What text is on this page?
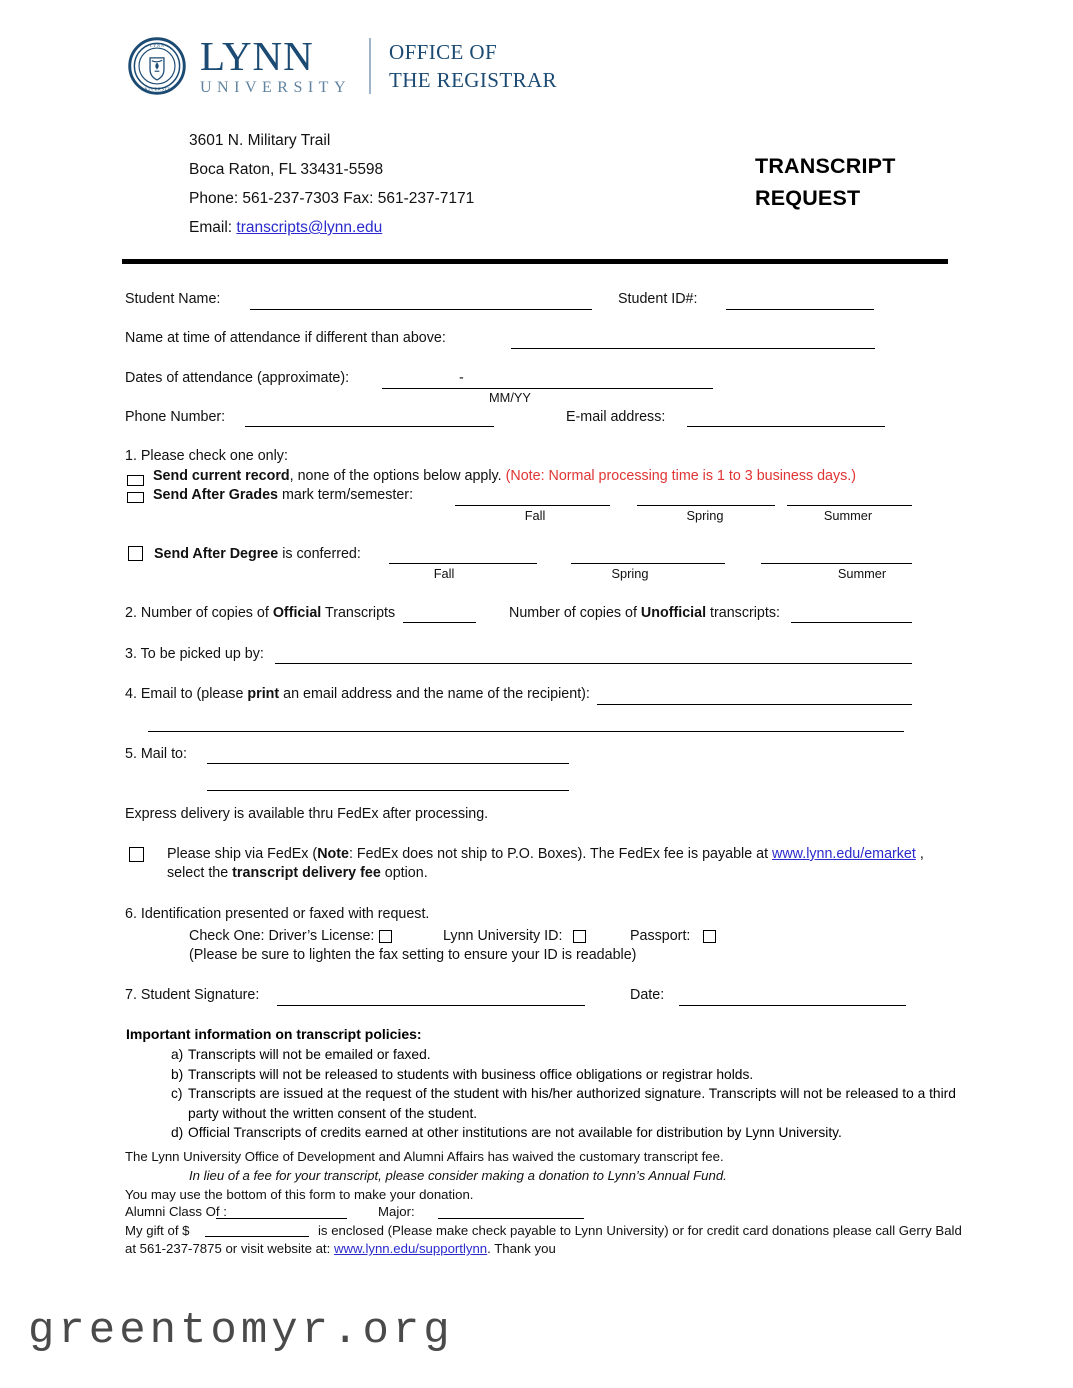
L Y N N
U N I V E R S I T Y
LYNN
UNIVERSITY
OFFICE OF
THE REGISTRAR
3601 N. Military Trail
Boca Raton, FL 33431-5598
Phone: 561-237-7303 Fax: 561-237-7171
Email: transcripts@lynn.edu
TRANSCRIPT
REQUEST
Student Name:	Student ID#:
Name at time of attendance if different than above:
Dates of attendance (approximate):	-
MM/YY
Phone Number:	E-mail address:
1. Please check one only:
Send current record, none of the options below apply. (Note: Normal processing time is 1 to 3 business days.)
Send After Grades mark term/semester:
Fall	Spring	Summer
Send After Degree is conferred:
Fall	Spring	Summer
2. Number of copies of Official Transcripts	Number of copies of Unofficial transcripts:
3. To be picked up by:
4. Email to (please print an email address and the name of the recipient):
5. Mail to:
Express delivery is available thru FedEx after processing.
Please ship via FedEx (Note: FedEx does not ship to P.O. Boxes). The FedEx fee is payable at www.lynn.edu/emarket ,
select the transcript delivery fee option.
6. Identification presented or faxed with request.
Check One: Driver’s License:	Lynn University ID:	Passport:
(Please be sure to lighten the fax setting to ensure your ID is readable)
7. Student Signature:	Date:
Important information on transcript policies:
a) Transcripts will not be emailed or faxed.
b) Transcripts will not be released to students with business office obligations or registrar holds.
c) Transcripts are issued at the request of the student with his/her authorized signature. Transcripts will not be released to a third party without the written consent of the student.
d) Official Transcripts of credits earned at other institutions are not available for distribution by Lynn University.
The Lynn University Office of Development and Alumni Affairs has waived the customary transcript fee.
In lieu of a fee for your transcript, please consider making a donation to Lynn’s Annual Fund.
You may use the bottom of this form to make your donation.
Alumni Class Of :	Major:
My gift of $	is enclosed (Please make check payable to Lynn University) or for credit card donations please call Gerry Bald
at 561-237-7875 or visit website at: www.lynn.edu/supportlynn. Thank you
greentomyr.org
